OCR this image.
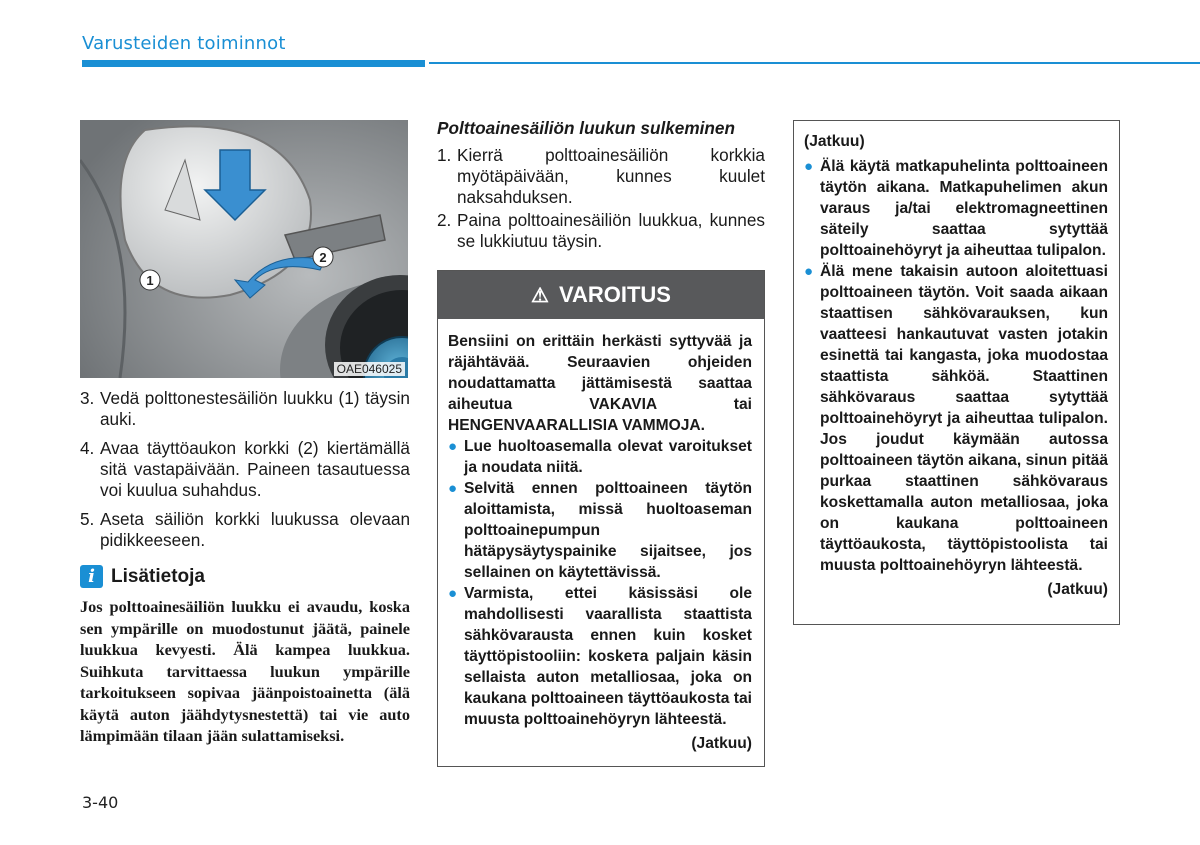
Varusteiden toiminnot
1
2
OAE046025
3. Vedä polttonestesäiliön luukku (1) täysin auki.
4. Avaa täyttöaukon korkki (2) kiertämällä sitä vastapäivään. Paineen tasautuessa voi kuulua suhahdus.
5. Aseta säiliön korkki luukussa olevaan pidikkeeseen.
i Lisätietoja

Jos polttoainesäiliön luukku ei avaudu, koska sen ympärille on muodostunut jäätä, painele luukkua kevyesti. Älä kampea luukkua. Suihkuta tarvittaessa luukun ympärille tarkoitukseen sopivaa jäänpoistoainetta (älä käytä auton jäähdytysnestettä) tai vie auto lämpimään tilaan jään sulattamiseksi.

Polttoainesäiliön luukun sulkeminen
1. Kierrä polttoainesäiliön korkkia myötäpäivään, kunnes kuulet naksahduksen.
2. Paina polttoainesäiliön luukkua, kunnes se lukkiutuu täysin.
⚠ VAROITUS

Bensiini on erittäin herkästi syttyvää ja räjähtävää. Seuraavien ohjeiden noudattamatta jättämisestä saattaa aiheutua VAKAVIA tai HENGENVAARALLISIA VAMMOJA.

● Lue huoltoasemalla olevat varoitukset ja noudata niitä.
● Selvitä ennen polttoaineen täytön aloittamista, missä huoltoaseman polttoainepumpun hätäpysäytyspainike sijaitsee, jos sellainen on käytettävissä.
● Varmista, ettei käsissäsi ole mahdollisesti vaarallista staattista sähkövarausta ennen kuin kosket täyttöpistooliin: koskета paljain käsin sellaista auton metalliosaa, joka on kaukana polttoaineen täyttöaukosta tai muusta polttoainehöyryn lähteestä.
(Jatkuu)
(Jatkuu)
● Älä käytä matkapuhelinta polttoaineen täytön aikana. Matkapuhelimen akun varaus ja/tai elektromagneettinen säteily saattaa sytyttää polttoainehöyryt ja aiheuttaa tulipalon.
● Älä mene takaisin autoon aloitettuasi polttoaineen täytön. Voit saada aikaan staattisen sähkövarauksen, kun vaatteesi hankautuvat vasten jotakin esinettä tai kangasta, joka muodostaa staattista sähköä. Staattinen sähkövaraus saattaa sytyttää polttoainehöyryt ja aiheuttaa tulipalon. Jos joudut käymään autossa polttoaineen täytön aikana, sinun pitää purkaa staattinen sähkövaraus koskettamalla auton metalliosaa, joka on kaukana polttoaineen täyttöaukosta, täyttöpistoolista tai muusta polttoainehöyryn lähteestä.
(Jatkuu)
3-40
